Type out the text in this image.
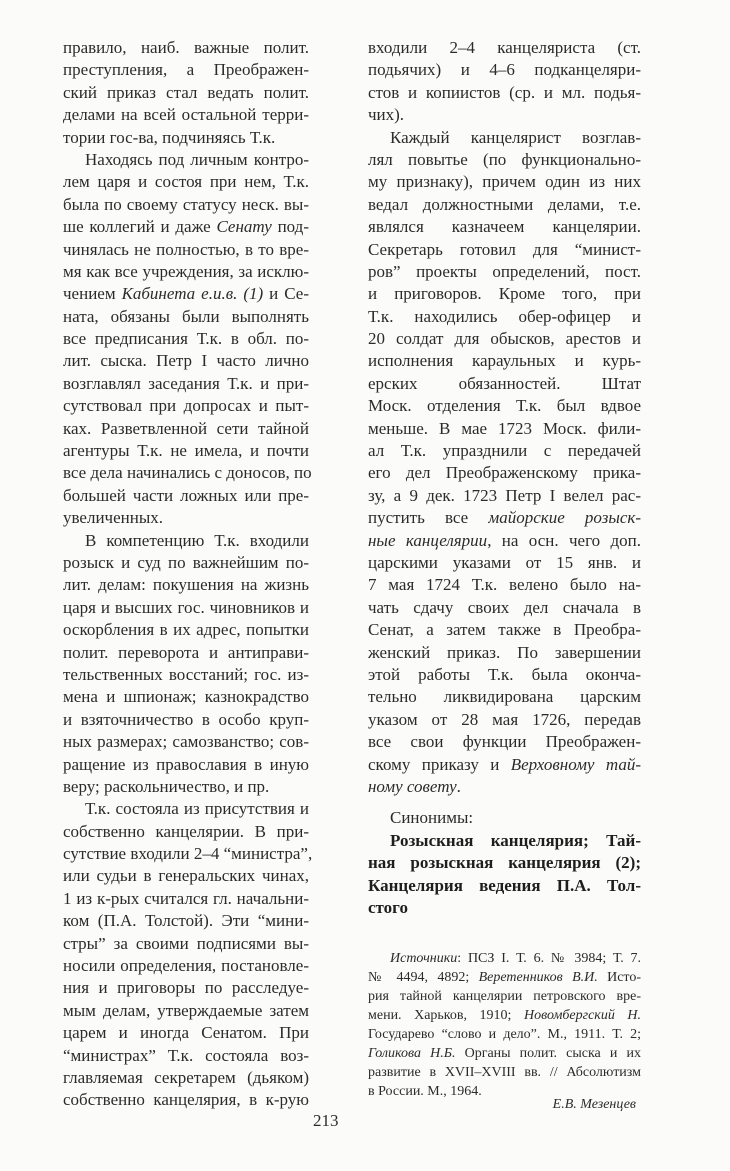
правило, наиб. важные полит.
преступления, а Преображен-
ский приказ стал ведать полит.
делами на всей остальной терри-
тории гос-ва, подчиняясь Т.к.
Находясь под личным контро-
лем царя и состоя при нем, Т.к.
была по своему статусу неск. вы-
ше коллегий и даже Сенату под-
чинялась не полностью, в то вре-
мя как все учреждения, за исклю-
чением Кабинета е.и.в. (1) и Се-
ната, обязаны были выполнять
все предписания Т.к. в обл. по-
лит. сыска. Петр I часто лично
возглавлял заседания Т.к. и при-
сутствовал при допросах и пыт-
ках. Разветвленной сети тайной
агентуры Т.к. не имела, и почти
все дела начинались с доносов, по
большей части ложных или пре-
увеличенных.
В компетенцию Т.к. входили
розыск и суд по важнейшим по-
лит. делам: покушения на жизнь
царя и высших гос. чиновников и
оскорбления в их адрес, попытки
полит. переворота и антиправи-
тельственных восстаний; гос. из-
мена и шпионаж; казнокрадство
и взяточничество в особо круп-
ных размерах; самозванство; сов-
ращение из православия в иную
веру; раскольничество, и пр.
Т.к. состояла из присутствия и
собственно канцелярии. В при-
сутствие входили 2–4 “министра”,
или судьи в генеральских чинах,
1 из к-рых считался гл. начальни-
ком (П.А. Толстой). Эти “мини-
стры” за своими подписями вы-
носили определения, постановле-
ния и приговоры по расследуе-
мым делам, утверждаемые затем
царем и иногда Сенатом. При
“министрах” Т.к. состояла воз-
главляемая секретарем (дьяком)
собственно канцелярия, в к-рую
входили 2–4 канцеляриста (ст.
подьячих) и 4–6 подканцеляри-
стов и копиистов (ср. и мл. подья-
чих).
Каждый канцелярист возглав-
лял повытье (по функционально-
му признаку), причем один из них
ведал должностными делами, т.е.
являлся казначеем канцелярии.
Секретарь готовил для “минист-
ров” проекты определений, пост.
и приговоров. Кроме того, при
Т.к. находились обер-офицер и
20 солдат для обысков, арестов и
исполнения караульных и курь-
ерских обязанностей. Штат
Моск. отделения Т.к. был вдвое
меньше. В мае 1723 Моск. фили-
ал Т.к. упразднили с передачей
его дел Преображенскому прика-
зу, а 9 дек. 1723 Петр I велел рас-
пустить все майорские розыск-
ные канцелярии, на осн. чего доп.
царскими указами от 15 янв. и
7 мая 1724 Т.к. велено было на-
чать сдачу своих дел сначала в
Сенат, а затем также в Преобра-
женский приказ. По завершении
этой работы Т.к. была оконча-
тельно ликвидирована царским
указом от 28 мая 1726, передав
все свои функции Преображен-
скому приказу и Верховному тай-
ному совету.
Синонимы:
Розыскная канцелярия; Тай-
ная розыскная канцелярия (2);
Канцелярия ведения П.А. Тол-
стого
Источники: ПСЗ I. Т. 6. № 3984; Т. 7.
№ 4494, 4892; Веретенников В.И. Исто-
рия тайной канцелярии петровского вре-
мени. Харьков, 1910; Новомбергский Н.
Государево “слово и дело”. М., 1911. Т. 2;
Голикова Н.Б. Органы полит. сыска и их
развитие в XVII–XVIII вв. // Абсолютизм
в России. М., 1964.
Е.В. Мезенцев
213
